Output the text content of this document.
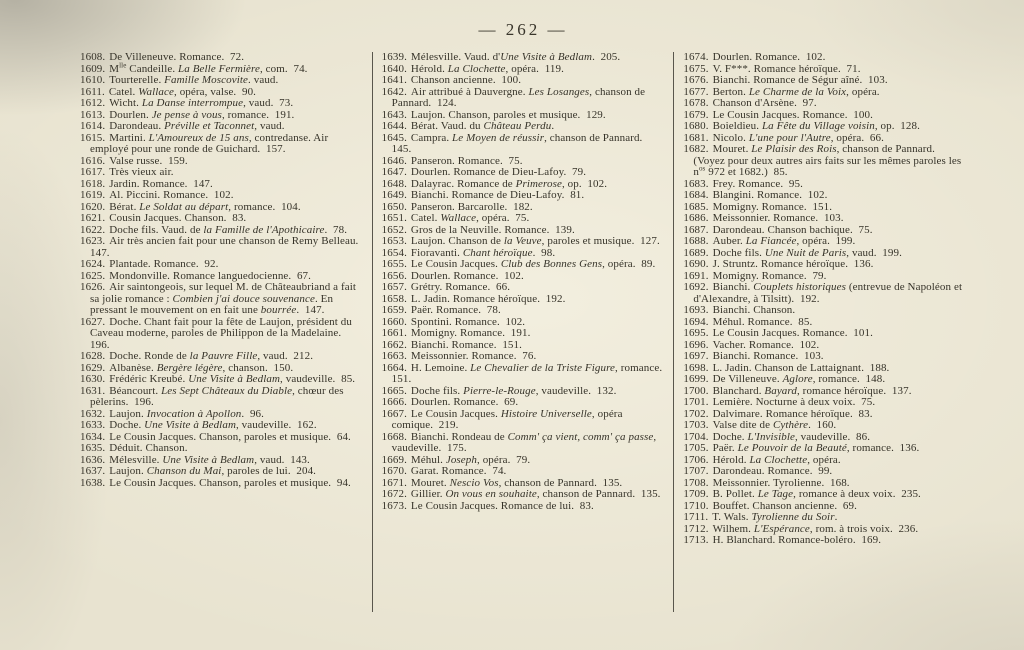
— 262 —

1608. De Villeneuve. Romance.  72.

1609. $M^{lle}$ Candeille. La Belle Fermière, com.  74.

1610. Tourterelle. Famille Moscovite. vaud.

1611. Catel. Wallace, opéra, valse.  90.

1612. Wicht. La Danse interrompue, vaud.  73.

1613. Dourlen. Je pense à vous, romance.  191.

1614. Darondeau. Préville et Taconnet, vaud.

1615. Martini. L'Amoureux de 15 ans, contredanse. Air employé pour une ronde de Guichard.  157.

1616. Valse russe.  159.

1617. Très vieux air.

1618. Jardin. Romance.  147.

1619. Al. Piccini. Romance.  102.

1620. Bérat. Le Soldat au départ, romance.  104.

1621. Cousin Jacques. Chanson.  83.

1622. Doche fils. Vaud. de la Famille de l'Apothicaire.  78.

1623. Air très ancien fait pour une chanson de Remy Belleau.  147.

1624. Plantade. Romance.  92.

1625. Mondonville. Romance languedocienne.  67.

1626. Air saintongeois, sur lequel M. de Châteaubriand a fait sa jolie romance : Combien j'ai douce souvenance. En pressant le mouvement on en fait une bourrée.  147.

1627. Doche. Chant fait pour la fête de Laujon, président du Caveau moderne, paroles de Philippon de la Madelaine.  196.

1628. Doche. Ronde de la Pauvre Fille, vaud.  212.

1629. Albanèse. Bergère légère, chanson.  150.

1630. Frédéric Kreubé. Une Visite à Bedlam, vaudeville.  85.

1631. Béancourt. Les Sept Châteaux du Diable, chœur des pèlerins.  196.

1632. Laujon. Invocation à Apollon.  96.

1633. Doche. Une Visite à Bedlam, vaudeville.  162.

1634. Le Cousin Jacques. Chanson, paroles et musique.  64.

1635. Déduit. Chanson.

1636. Mélesville. Une Visite à Bedlam, vaud.  143.

1637. Laujon. Chanson du Mai, paroles de lui.  204.

1638. Le Cousin Jacques. Chanson, paroles et musique.  94.

1639. Mélesville. Vaud. d'Une Visite à Bedlam.  205.

1640. Hérold. La Clochette, opéra.  119.

1641. Chanson ancienne.  100.

1642. Air attribué à Dauvergne. Les Losanges, chanson de Pannard.  124.

1643. Laujon. Chanson, paroles et musique.  129.

1644. Bérat. Vaud. du Château Perdu.

1645. Campra. Le Moyen de réussir, chanson de Pannard.  145.

1646. Panseron. Romance.  75.

1647. Dourlen. Romance de Dieu-Lafoy.  79.

1648. Dalayrac. Romance de Primerose, op.  102.

1649. Bianchi. Romance de Dieu-Lafoy.  81.

1650. Panseron. Barcarolle.  182.

1651. Catel. Wallace, opéra.  75.

1652. Gros de la Neuville. Romance.  139.

1653. Laujon. Chanson de la Veuve, paroles et musique.  127.

1654. Fioravanti. Chant héroïque.  98.

1655. Le Cousin Jacques. Club des Bonnes Gens, opéra.  89.

1656. Dourlen. Romance.  102.

1657. Grétry. Romance.  66.

1658. L. Jadin. Romance héroïque.  192.

1659. Paër. Romance.  78.

1660. Spontini. Romance.  102.

1661. Momigny. Romance.  191.

1662. Bianchi. Romance.  151.

1663. Meissonnier. Romance.  76.

1664. H. Lemoine. Le Chevalier de la Triste Figure, romance.  151.

1665. Doche fils. Pierre-le-Rouge, vaudeville.  132.

1666. Dourlen. Romance.  69.

1667. Le Cousin Jacques. Histoire Universelle, opéra comique.  219.

1668. Bianchi. Rondeau de Comm' ça vient, comm' ça passe, vaudeville.  175.

1669. Méhul. Joseph, opéra.  79.

1670. Garat. Romance.  74.

1671. Mouret. Nescio Vos, chanson de Pannard.  135.

1672. Gillier. On vous en souhaite, chanson de Pannard.  135.

1673. Le Cousin Jacques. Romance de lui.  83.

1674. Dourlen. Romance.  102.

1675. V. F***. Romance héroïque.  71.

1676. Bianchi. Romance de Ségur aîné.  103.

1677. Berton. Le Charme de la Voix, opéra.

1678. Chanson d'Arsène.  97.

1679. Le Cousin Jacques. Romance.  100.

1680. Boieldieu. La Fête du Village voisin, op.  128.

1681. Nicolo. L'une pour l'Autre, opéra.  66.

1682. Mouret. Le Plaisir des Rois, chanson de Pannard. (Voyez pour deux autres airs faits sur les mêmes paroles les $n^{os}$ 972 et 1682.)  85.

1683. Frey. Romance.  95.

1684. Blangini. Romance.  102.

1685. Momigny. Romance.  151.

1686. Meissonnier. Romance.  103.

1687. Darondeau. Chanson bachique.  75.

1688. Auber. La Fiancée, opéra.  199.

1689. Doche fils. Une Nuit de Paris, vaud.  199.

1690. J. Struntz. Romance héroïque.  136.

1691. Momigny. Romance.  79.

1692. Bianchi. Couplets historiques (entrevue de Napoléon et d'Alexandre, à Tilsitt).  192.

1693. Bianchi. Chanson.

1694. Méhul. Romance.  85.

1695. Le Cousin Jacques. Romance.  101.

1696. Vacher. Romance.  102.

1697. Bianchi. Romance.  103.

1698. L. Jadin. Chanson de Lattaignant.  188.

1699. De Villeneuve. Aglore, romance.  148.

1700. Blanchard. Bayard, romance héroïque.  137.

1701. Lemière. Nocturne à deux voix.  75.

1702. Dalvimare. Romance héroïque.  83.

1703. Valse dite de Cythère.  160.

1704. Doche. L'Invisible, vaudeville.  86.

1705. Paër. Le Pouvoir de la Beauté, romance.  136.

1706. Hérold. La Clochette, opéra.

1707. Darondeau. Romance.  99.

1708. Meissonnier. Tyrolienne.  168.

1709. B. Pollet. Le Tage, romance à deux voix.  235.

1710. Bouffet. Chanson ancienne.  69.

1711. T. Wals. Tyrolienne du Soir.

1712. Wilhem. L'Espérance, rom. à trois voix.  236.

1713. H. Blanchard. Romance-boléro.  169.
